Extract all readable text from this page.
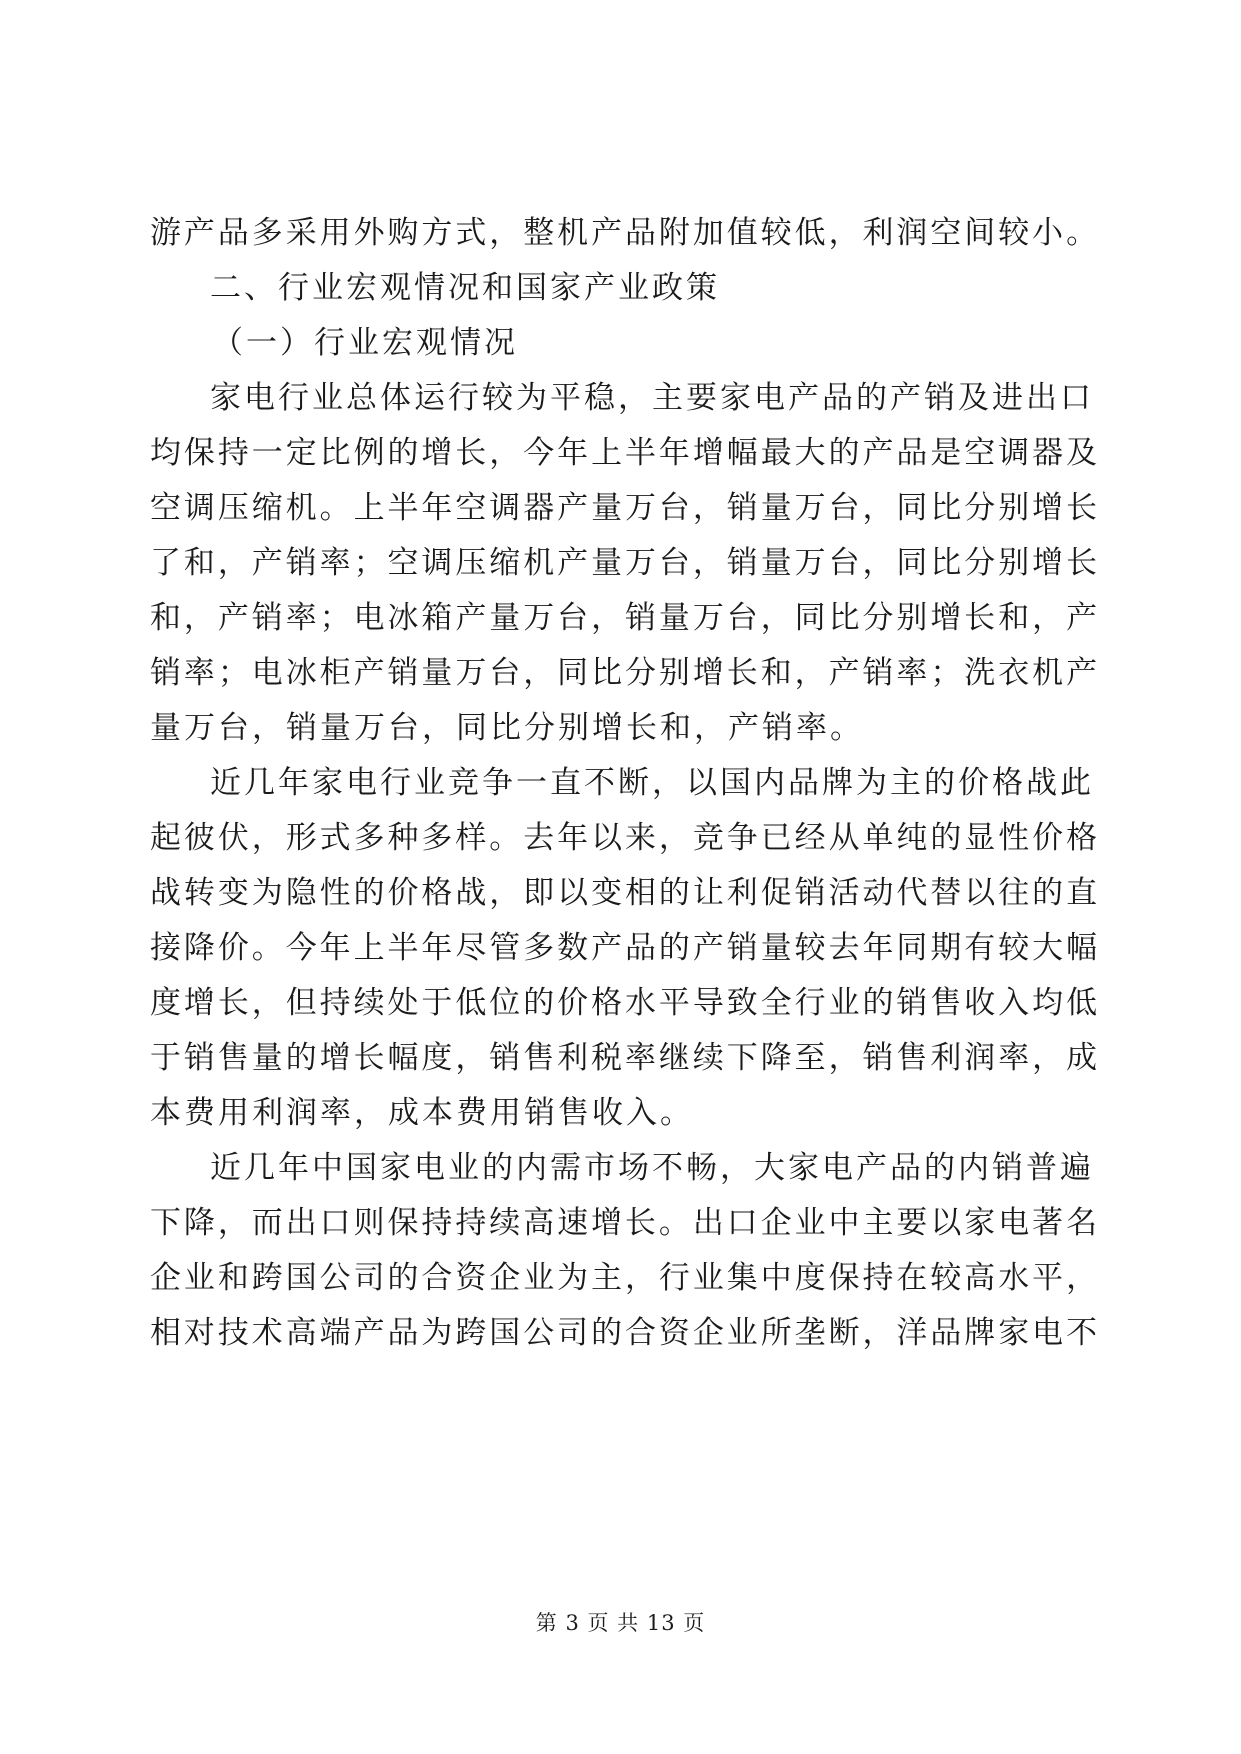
游产品多采用外购方式，整机产品附加值较低，利润空间较小。
二、行业宏观情况和国家产业政策
（一）行业宏观情况
家电行业总体运行较为平稳，主要家电产品的产销及进出口
均保持一定比例的增长，今年上半年增幅最大的产品是空调器及
空调压缩机。上半年空调器产量万台，销量万台，同比分别增长
了和，产销率；空调压缩机产量万台，销量万台，同比分别增长
和，产销率；电冰箱产量万台，销量万台，同比分别增长和，产
销率；电冰柜产销量万台，同比分别增长和，产销率；洗衣机产
量万台，销量万台，同比分别增长和，产销率。
近几年家电行业竞争一直不断，以国内品牌为主的价格战此
起彼伏，形式多种多样。去年以来，竞争已经从单纯的显性价格
战转变为隐性的价格战，即以变相的让利促销活动代替以往的直
接降价。今年上半年尽管多数产品的产销量较去年同期有较大幅
度增长，但持续处于低位的价格水平导致全行业的销售收入均低
于销售量的增长幅度，销售利税率继续下降至，销售利润率，成
本费用利润率，成本费用销售收入。
近几年中国家电业的内需市场不畅，大家电产品的内销普遍
下降，而出口则保持持续高速增长。出口企业中主要以家电著名
企业和跨国公司的合资企业为主，行业集中度保持在较高水平，
相对技术高端产品为跨国公司的合资企业所垄断，洋品牌家电不
第 3 页 共 13 页
